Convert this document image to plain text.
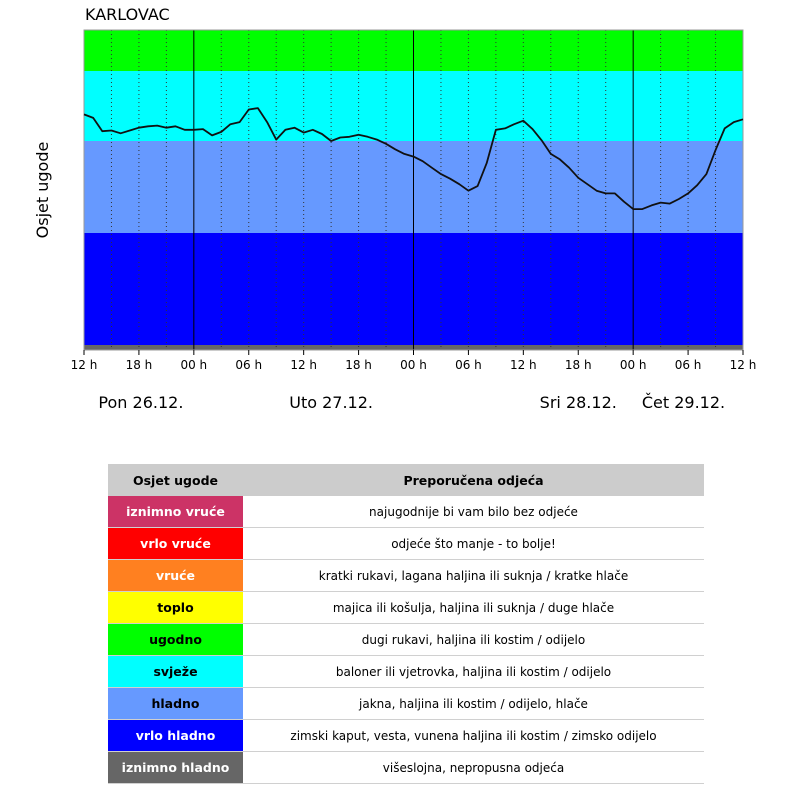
KARLOVAC
Osjet ugode
12 h 18 h 00 h 06 h 12 h 18 h 00 h 06 h 12 h 18 h 00 h 06 h 12 h
Pon 26.12.	Uto 27.12.	Sri 28.12. Čet 29.12.
Osjet ugode	Preporučena odjeća
iznimno vruće	najugodnije bi vam bilo bez odjeće
vrlo vruće	odjeće što manje - to bolje!
vruće	kratki rukavi, lagana haljina ili suknja / kratke hlače
toplo	majica ili košulja, haljina ili suknja / duge hlače
ugodno	dugi rukavi, haljina ili kostim / odijelo
svježe	baloner ili vjetrovka, haljina ili kostim / odijelo
hladno	jakna, haljina ili kostim / odijelo, hlače
vrlo hladno	zimski kaput, vesta, vunena haljina ili kostim / zimsko odijelo
iznimno hladno	višeslojna, nepropusna odjeća
